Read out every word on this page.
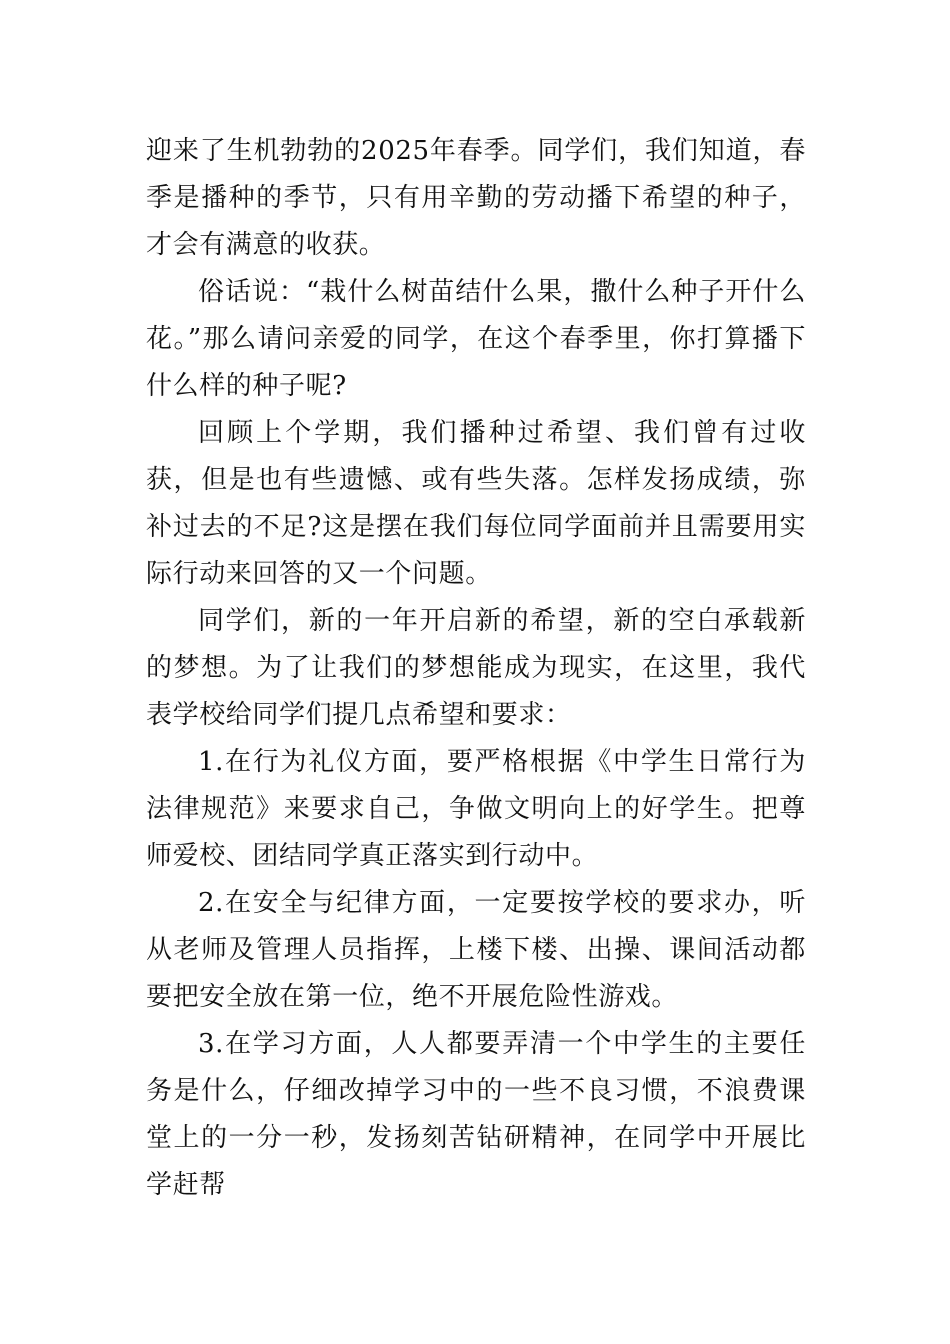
迎来了生机勃勃的2025年春季。同学们，我们知道，春季是播种的季节，只有用辛勤的劳动播下希望的种子，才会有满意的收获。

俗话说：“栽什么树苗结什么果，撒什么种子开什么花。”那么请问亲爱的同学，在这个春季里，你打算播下什么样的种子呢?

回顾上个学期，我们播种过希望、我们曾有过收获，但是也有些遗憾、或有些失落。怎样发扬成绩，弥补过去的不足?这是摆在我们每位同学面前并且需要用实际行动来回答的又一个问题。

同学们，新的一年开启新的希望，新的空白承载新的梦想。为了让我们的梦想能成为现实，在这里，我代表学校给同学们提几点希望和要求：

1.在行为礼仪方面，要严格根据《中学生日常行为法律规范》来要求自己，争做文明向上的好学生。把尊师爱校、团结同学真正落实到行动中。

2.在安全与纪律方面，一定要按学校的要求办，听从老师及管理人员指挥，上楼下楼、出操、课间活动都要把安全放在第一位，绝不开展危险性游戏。

3.在学习方面，人人都要弄清一个中学生的主要任务是什么，仔细改掉学习中的一些不良习惯，不浪费课堂上的一分一秒，发扬刻苦钻研精神，在同学中开展比学赶帮
